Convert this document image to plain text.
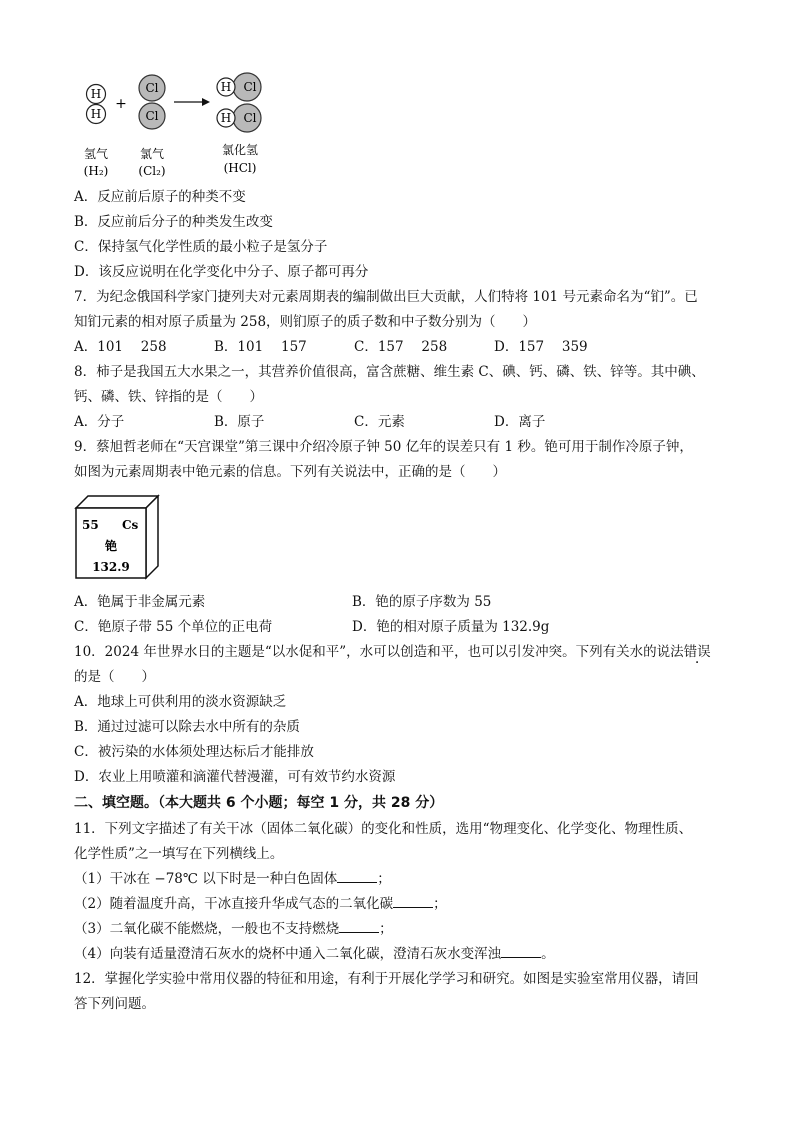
H
H
+
Cl
Cl
H Cl
H Cl
氢气
(H₂)
氯气
(Cl₂)
氯化氢
(HCl)
A．反应前后原子的种类不变
B．反应前后分子的种类发生改变
C．保持氢气化学性质的最小粒子是氢分子
D．该反应说明在化学变化中分子、原子都可再分
7．为纪念俄国科学家门捷列夫对元素周期表的编制做出巨大贡献，人们特将 101 号元素命名为“钔”。已
知钔元素的相对原子质量为 258，则钔原子的质子数和中子数分别为（　　）
A．101　 258	B．101　 157	C．157　 258	D．157　 359
8．柿子是我国五大水果之一，其营养价值很高，富含蔗糖、维生素 C、碘、钙、磷、铁、锌等。其中碘、
钙、磷、铁、锌指的是（　　）
A．分子	B．原子	C．元素	D．离子
9．蔡旭哲老师在“天宫课堂”第三课中介绍冷原子钟 50 亿年的误差只有 1 秒。铯可用于制作冷原子钟，
如图为元素周期表中铯元素的信息。下列有关说法中，正确的是（　　）
55 Cs
铯
132.9
A．铯属于非金属元素	B．铯的原子序数为 55
C．铯原子带 55 个单位的正电荷	D．铯的相对原子质量为 132.9g
10．2024 年世界水日的主题是“以水促和平”，水可以创造和平，也可以引发冲突。下列有关水的说法错误
的是（　　）
A．地球上可供利用的淡水资源缺乏
B．通过过滤可以除去水中所有的杂质
C．被污染的水体须处理达标后才能排放
D．农业上用喷灌和滴灌代替漫灌，可有效节约水资源
二、填空题。（本大题共 6 个小题；每空 1 分，共 28 分）
11．下列文字描述了有关干冰（固体二氧化碳）的变化和性质，选用“物理变化、化学变化、物理性质、
化学性质”之一填写在下列横线上。
（1）干冰在 −78℃ 以下时是一种白色固体	；
（2）随着温度升高，干冰直接升华成气态的二氧化碳	；
（3）二氧化碳不能燃烧，一般也不支持燃烧	；
（4）向装有适量澄清石灰水的烧杯中通入二氧化碳，澄清石灰水变浑浊	。
12．掌握化学实验中常用仪器的特征和用途，有利于开展化学学习和研究。如图是实验室常用仪器，请回
答下列问题。
